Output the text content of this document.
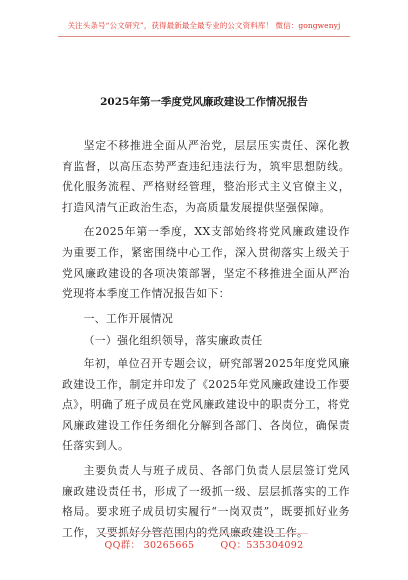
关注头条号“公文研究”，获得最新最全最专业的公文资料库！ 微信：gongwenyj
2025年第一季度党风廉政建设工作情况报告

坚定不移推进全面从严治党，层层压实责任、深化教育监督，以高压态势严查违纪违法行为，筑牢思想防线。优化服务流程、严格财经管理，整治形式主义官僚主义，打造风清气正政治生态，为高质量发展提供坚强保障。

在2025年第一季度，XX支部始终将党风廉政建设作为重要工作，紧密围绕中心工作，深入贯彻落实上级关于党风廉政建设的各项决策部署，坚定不移推进全面从严治党现将本季度工作情况报告如下：

一、工作开展情况

（一）强化组织领导，落实廉政责任

年初，单位召开专题会议，研究部署2025年度党风廉政建设工作，制定并印发了《2025年党风廉政建设工作要点》，明确了班子成员在党风廉政建设中的职责分工，将党风廉政建设工作任务细化分解到各部门、各岗位，确保责任落实到人。

主要负责人与班子成员、各部门负责人层层签订党风廉政建设责任书，形成了一级抓一级、层层抓落实的工作格局。要求班子成员切实履行“一岗双责”，既要抓好业务工作，又要抓好分管范围内的党风廉政建设工作。

QQ群： 30265665	QQ：535304092
